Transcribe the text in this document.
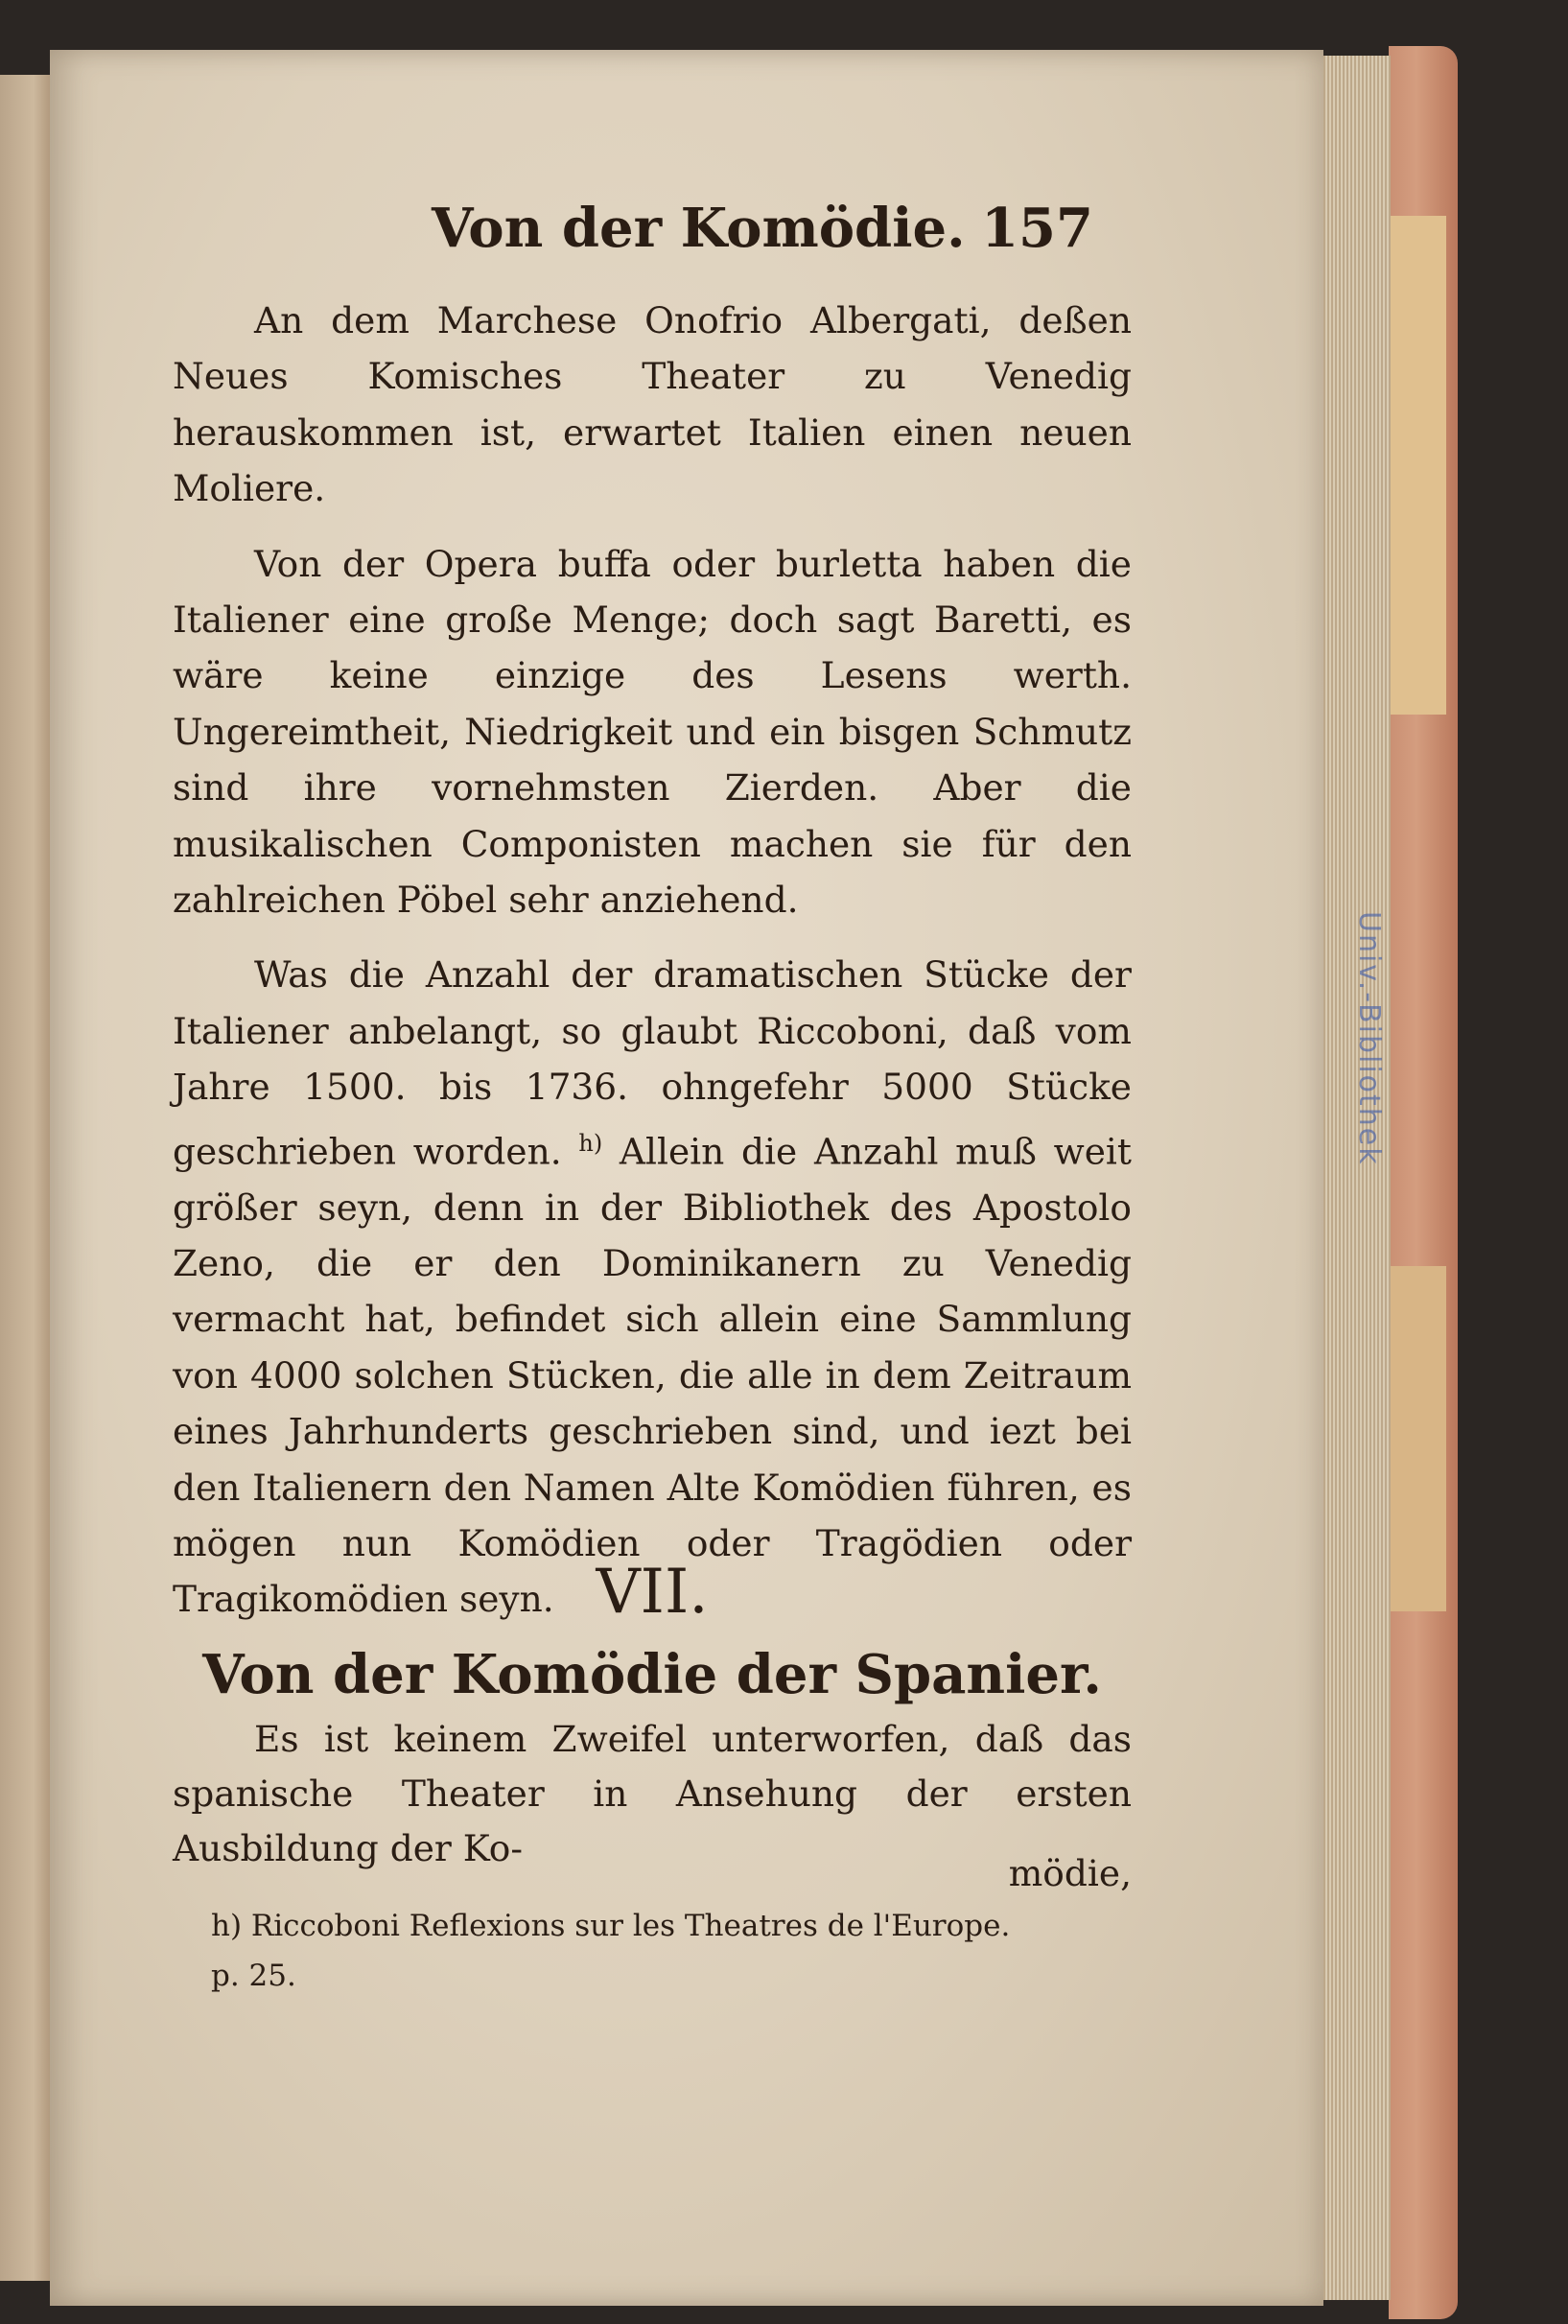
Von der Komödie. 157

An dem Marchese Onofrio Albergati, deßen Neues Komisches Theater zu Venedig herauskommen ist, erwartet Italien einen neuen Moliere.

Von der Opera buffa oder burletta haben die Italiener eine große Menge; doch sagt Baretti, es wäre keine einzige des Lesens werth. Ungereimtheit, Niedrigkeit und ein bisgen Schmutz sind ihre vornehmsten Zierden. Aber die musikalischen Componisten machen sie für den zahlreichen Pöbel sehr anziehend.

Was die Anzahl der dramatischen Stücke der Italiener anbelangt, so glaubt Riccoboni, daß vom Jahre 1500. bis 1736. ohngefehr 5000 Stücke geschrieben worden. $^{h)}$ Allein die Anzahl muß weit größer seyn, denn in der Bibliothek des Apostolo Zeno, die er den Dominikanern zu Venedig vermacht hat, befindet sich allein eine Sammlung von 4000 solchen Stücken, die alle in dem Zeitraum eines Jahrhunderts geschrieben sind, und iezt bei den Italienern den Namen Alte Komödien führen, es mögen nun Komödien oder Tragödien oder Tragikomödien seyn. VII.
Von der Komödie der Spanier.

Es ist keinem Zweifel unterworfen, daß das spanische Theater in Ansehung der ersten Ausbildung der Ko-

mödie,
h) Riccoboni Reflexions sur les Theatres de l'Europe.
p. 25.
Univ.-Bibliothek
